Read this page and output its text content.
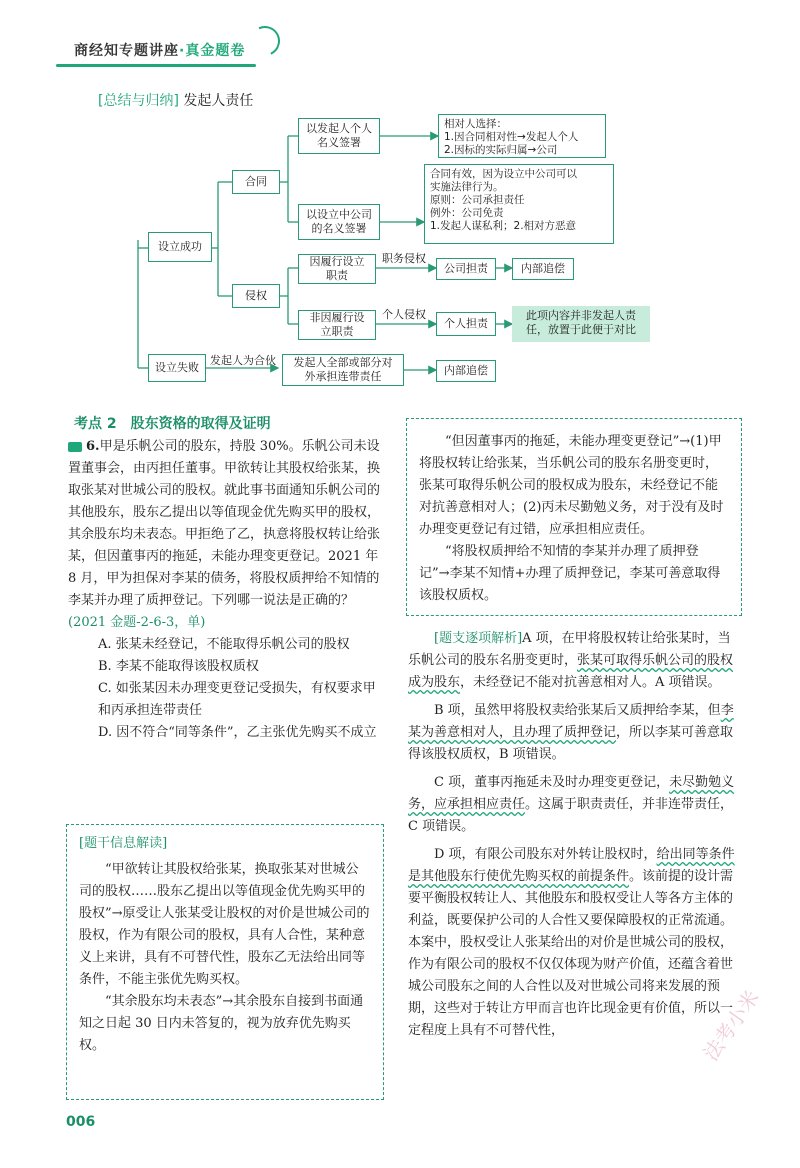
商经知专题讲座·真金题卷
[总结与归纳] 发起人责任
设立成功
设立失败
合同
侵权
以发起人个人名义签署
以设立中公司的名义签署
相对人选择：
1.因合同相对性→发起人个人
2.因标的实际归属→公司
合同有效，因为设立中公司可以
实施法律行为。
原则：公司承担责任
例外：公司免责
1.发起人谋私利；2.相对方恶意
因履行设立职责
非因履行设立职责
职务侵权
个人侵权
公司担责	内部追偿
个人担责
此项内容并非发起人责任，放置于此便于对比
发起人为合伙	发起人全部或部分对外承担连带责任	内部追偿
考点 2　股东资格的取得及证明

6.甲是乐帆公司的股东，持股 30%。乐帆公司未设置董事会，由丙担任董事。甲欲转让其股权给张某，换取张某对世城公司的股权。就此事书面通知乐帆公司的其他股东，股东乙提出以等值现金优先购买甲的股权，其余股东均未表态。甲拒绝了乙，执意将股权转让给张某，但因董事丙的拖延，未能办理变更登记。2021 年 8 月，甲为担保对李某的债务，将股权质押给不知情的李某并办理了质押登记。下列哪一说法是正确的？

(2021 金题-2-6-3，单)

A. 张某未经登记，不能取得乐帆公司的股权

B. 李某不能取得该股权质权

C. 如张某因未办理变更登记受损失，有权要求甲和丙承担连带责任

D. 因不符合“同等条件”，乙主张优先购买不成立

[题干信息解读]

“甲欲转让其股权给张某，换取张某对世城公司的股权……股东乙提出以等值现金优先购买甲的股权”→原受让人张某受让股权的对价是世城公司的股权，作为有限公司的股权，具有人合性，某种意义上来讲，具有不可替代性，股东乙无法给出同等条件，不能主张优先购买权。

“其余股东均未表态”→其余股东自接到书面通知之日起 30 日内未答复的，视为放弃优先购买权。

“但因董事丙的拖延，未能办理变更登记”→(1)甲将股权转让给张某，当乐帆公司的股东名册变更时，张某可取得乐帆公司的股权成为股东，未经登记不能对抗善意相对人；(2)丙未尽勤勉义务，对于没有及时办理变更登记有过错，应承担相应责任。

“将股权质押给不知情的李某并办理了质押登记”→李某不知情+办理了质押登记，李某可善意取得该股权质权。

[题支逐项解析]A 项，在甲将股权转让给张某时，当乐帆公司的股东名册变更时，张某可取得乐帆公司的股权成为股东，未经登记不能对抗善意相对人。A 项错误。

B 项，虽然甲将股权卖给张某后又质押给李某，但李某为善意相对人，且办理了质押登记，所以李某可善意取得该股权质权，B 项错误。

C 项，董事丙拖延未及时办理变更登记，未尽勤勉义务，应承担相应责任。这属于职责责任，并非连带责任，C 项错误。

D 项，有限公司股东对外转让股权时，给出同等条件是其他股东行使优先购买权的前提条件。该前提的设计需要平衡股权转让人、其他股东和股权受让人等各方主体的利益，既要保护公司的人合性又要保障股权的正常流通。本案中，股权受让人张某给出的对价是世城公司的股权，作为有限公司的股权不仅仅体现为财产价值，还蕴含着世城公司股东之间的人合性以及对世城公司将来发展的预期，这些对于转让方甲而言也许比现金更有价值，所以一定程度上具有不可替代性，

006
法考小米
